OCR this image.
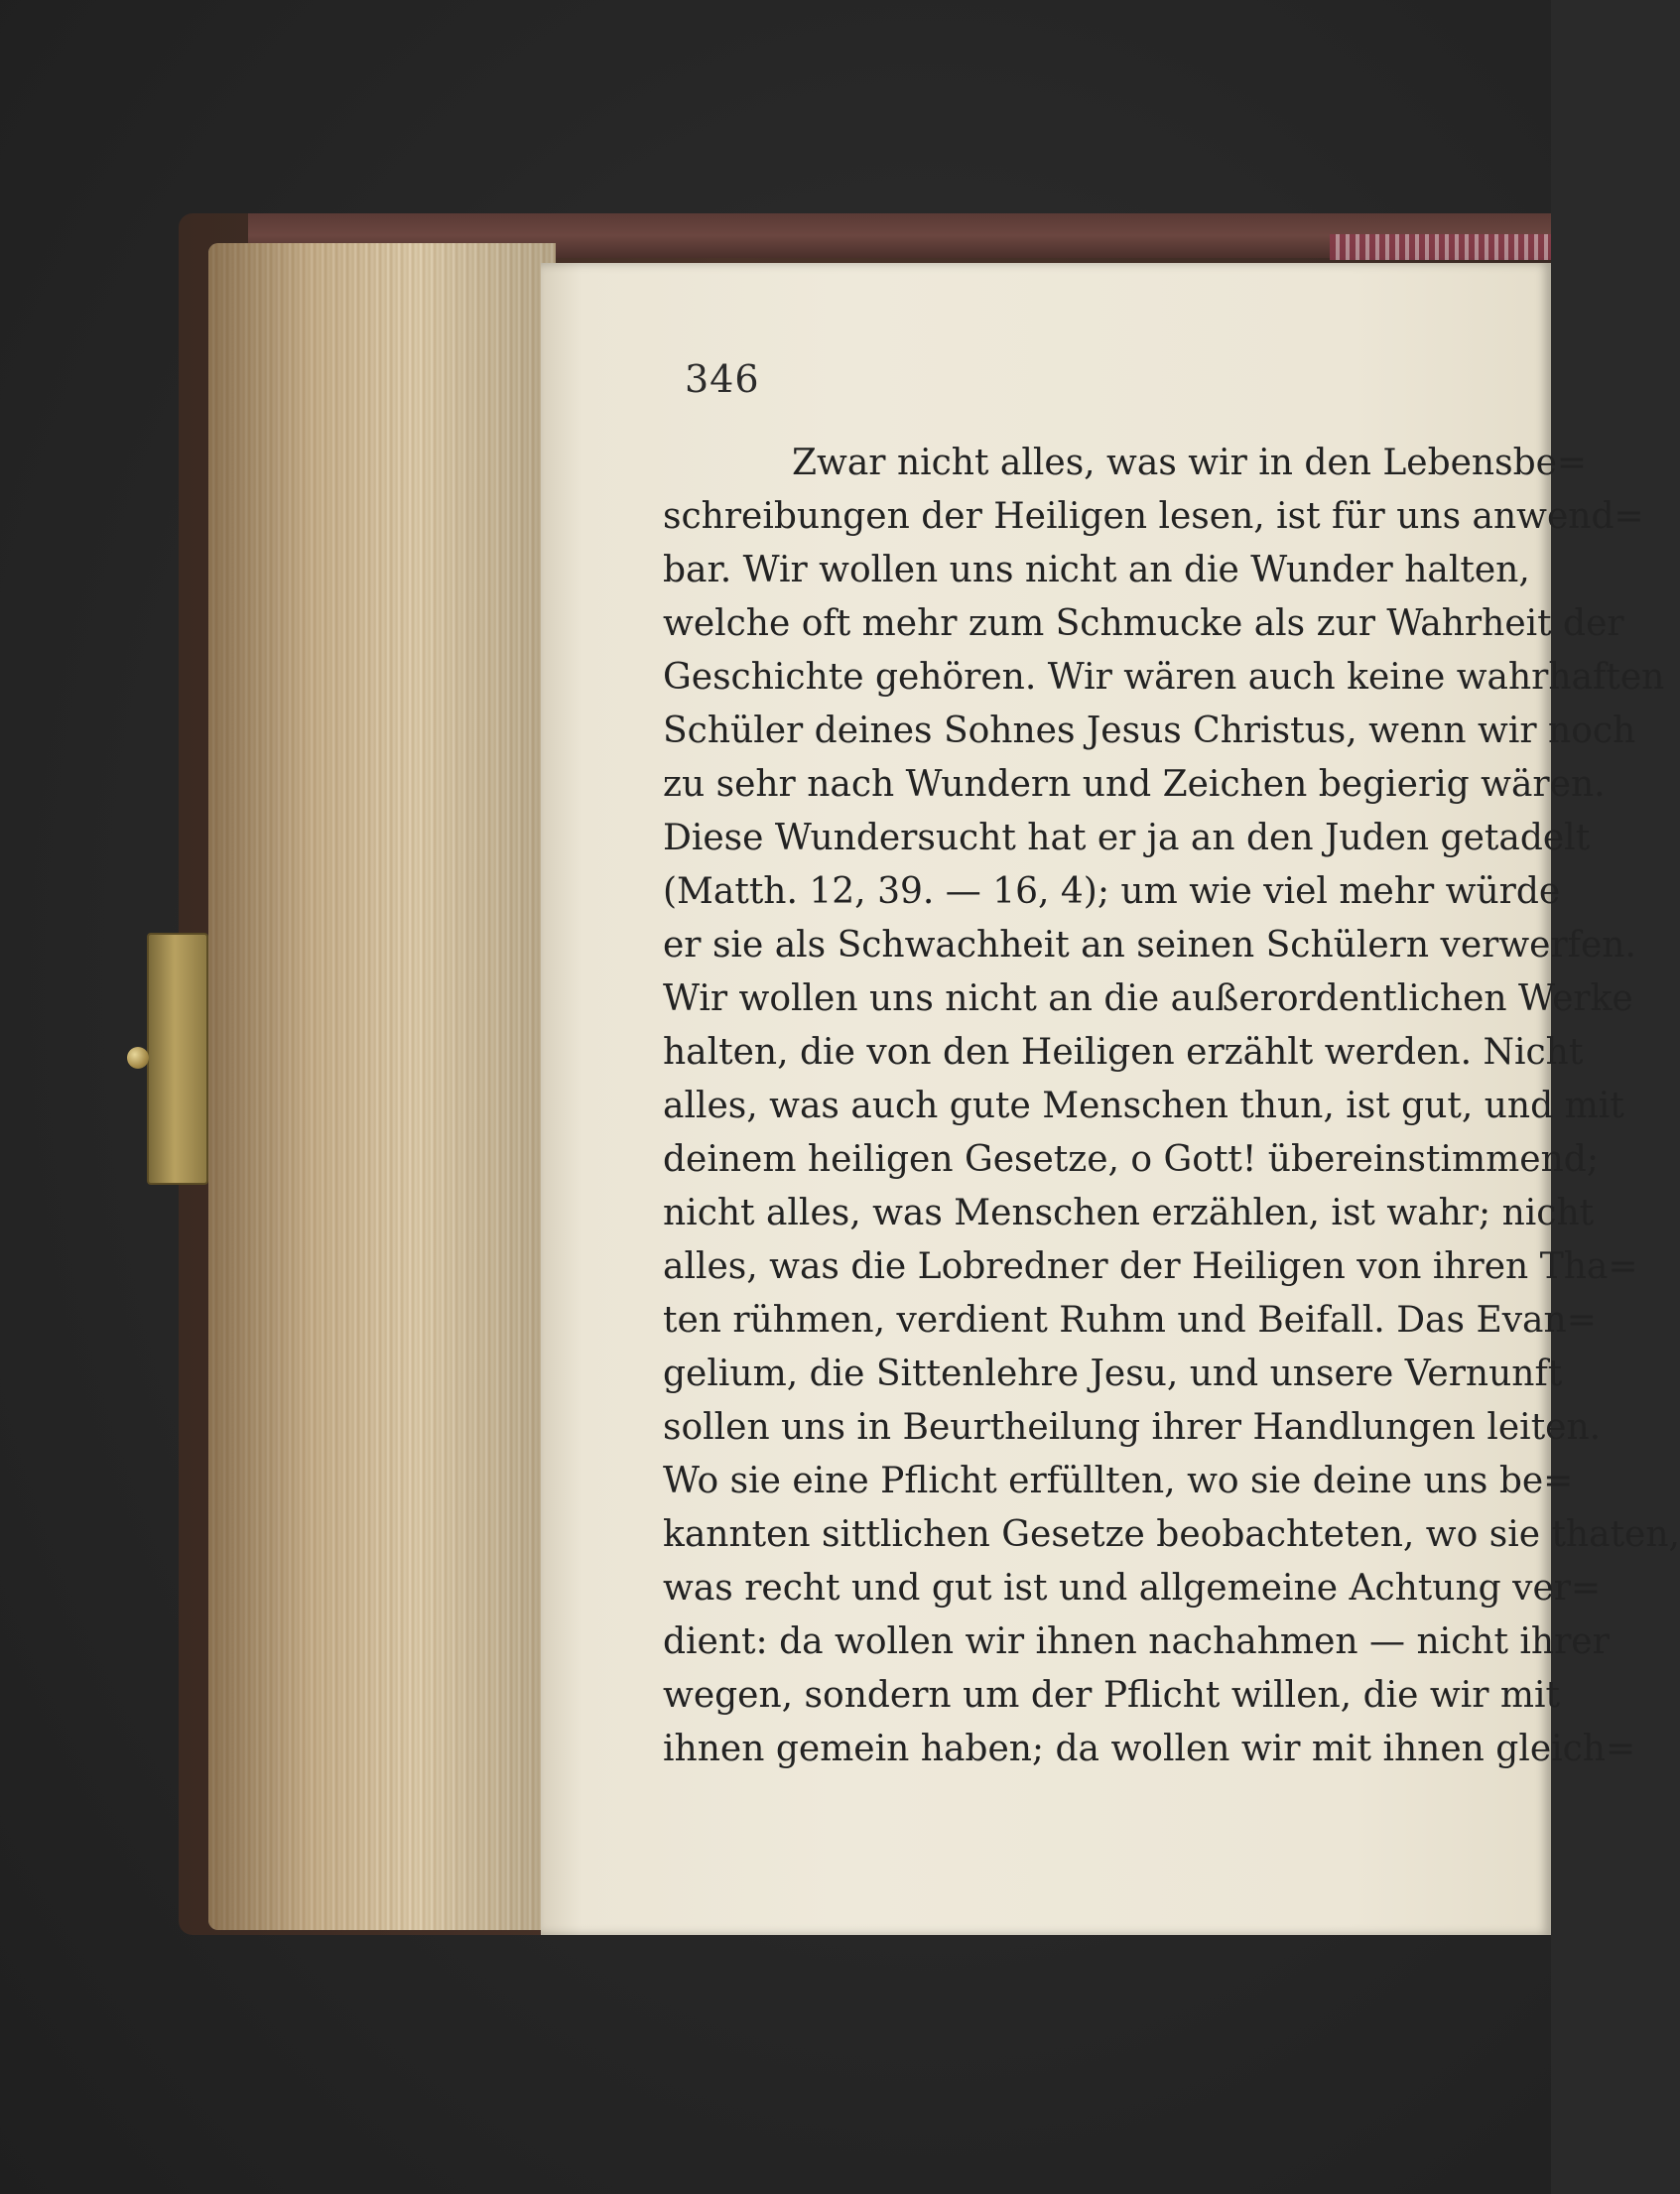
346
Zwar nicht alles, was wir in den Lebensbe=
schreibungen der Heiligen lesen, ist für uns anwend=
bar. Wir wollen uns nicht an die Wunder halten,
welche oft mehr zum Schmucke als zur Wahrheit der
Geschichte gehören. Wir wären auch keine wahrhaften
Schüler deines Sohnes Jesus Christus, wenn wir noch
zu sehr nach Wundern und Zeichen begierig wären.
Diese Wundersucht hat er ja an den Juden getadelt
(Matth. 12, 39. — 16, 4); um wie viel mehr würde
er sie als Schwachheit an seinen Schülern verwerfen.
Wir wollen uns nicht an die außerordentlichen Werke
halten, die von den Heiligen erzählt werden. Nicht
alles, was auch gute Menschen thun, ist gut, und mit
deinem heiligen Gesetze, o Gott! übereinstimmend;
nicht alles, was Menschen erzählen, ist wahr; nicht
alles, was die Lobredner der Heiligen von ihren Tha=
ten rühmen, verdient Ruhm und Beifall. Das Evan=
gelium, die Sittenlehre Jesu, und unsere Vernunft
sollen uns in Beurtheilung ihrer Handlungen leiten.
Wo sie eine Pflicht erfüllten, wo sie deine uns be=
kannten sittlichen Gesetze beobachteten, wo sie thaten,
was recht und gut ist und allgemeine Achtung ver=
dient: da wollen wir ihnen nachahmen — nicht ihrer
wegen, sondern um der Pflicht willen, die wir mit
ihnen gemein haben; da wollen wir mit ihnen gleich=
